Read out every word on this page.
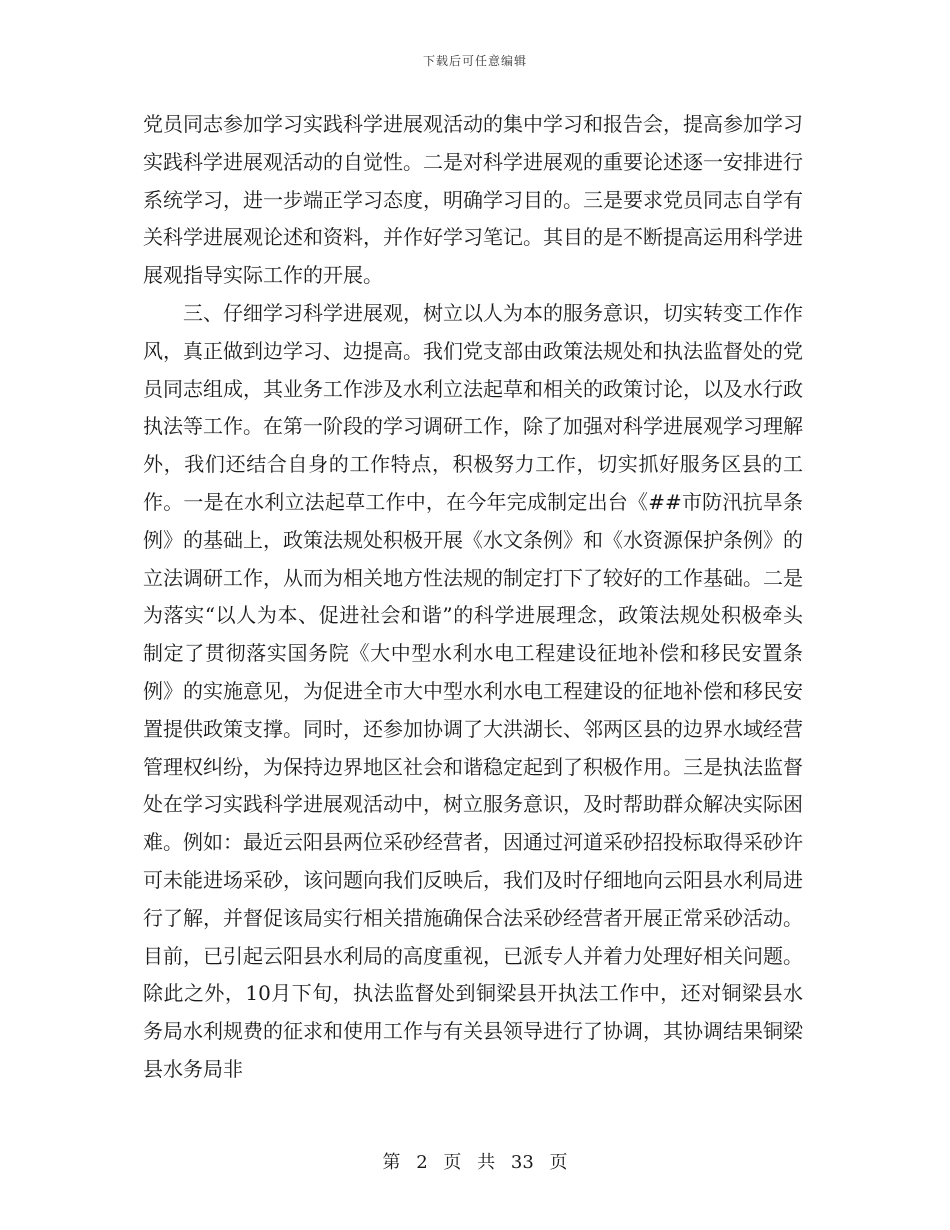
下载后可任意编辑

党员同志参加学习实践科学进展观活动的集中学习和报告会，提高参加学习实践科学进展观活动的自觉性。二是对科学进展观的重要论述逐一安排进行系统学习，进一步端正学习态度，明确学习目的。三是要求党员同志自学有关科学进展观论述和资料，并作好学习笔记。其目的是不断提高运用科学进展观指导实际工作的开展。

三、仔细学习科学进展观，树立以人为本的服务意识，切实转变工作作风，真正做到边学习、边提高。我们党支部由政策法规处和执法监督处的党员同志组成，其业务工作涉及水利立法起草和相关的政策讨论，以及水行政执法等工作。在第一阶段的学习调研工作，除了加强对科学进展观学习理解外，我们还结合自身的工作特点，积极努力工作，切实抓好服务区县的工作。一是在水利立法起草工作中，在今年完成制定出台《##市防汛抗旱条例》的基础上，政策法规处积极开展《水文条例》和《水资源保护条例》的立法调研工作，从而为相关地方性法规的制定打下了较好的工作基础。二是为落实“以人为本、促进社会和谐”的科学进展理念，政策法规处积极牵头制定了贯彻落实国务院《大中型水利水电工程建设征地补偿和移民安置条例》的实施意见，为促进全市大中型水利水电工程建设的征地补偿和移民安置提供政策支撑。同时，还参加协调了大洪湖长、邻两区县的边界水域经营管理权纠纷，为保持边界地区社会和谐稳定起到了积极作用。三是执法监督处在学习实践科学进展观活动中，树立服务意识，及时帮助群众解决实际困难。例如：最近云阳县两位采砂经营者，因通过河道采砂招投标取得采砂许可未能进场采砂，该问题向我们反映后，我们及时仔细地向云阳县水利局进行了解，并督促该局实行相关措施确保合法采砂经营者开展正常采砂活动。目前，已引起云阳县水利局的高度重视，已派专人并着力处理好相关问题。除此之外，10月下旬，执法监督处到铜梁县开执法工作中，还对铜梁县水务局水利规费的征求和使用工作与有关县领导进行了协调，其协调结果铜梁县水务局非

第 2 页 共 33 页
